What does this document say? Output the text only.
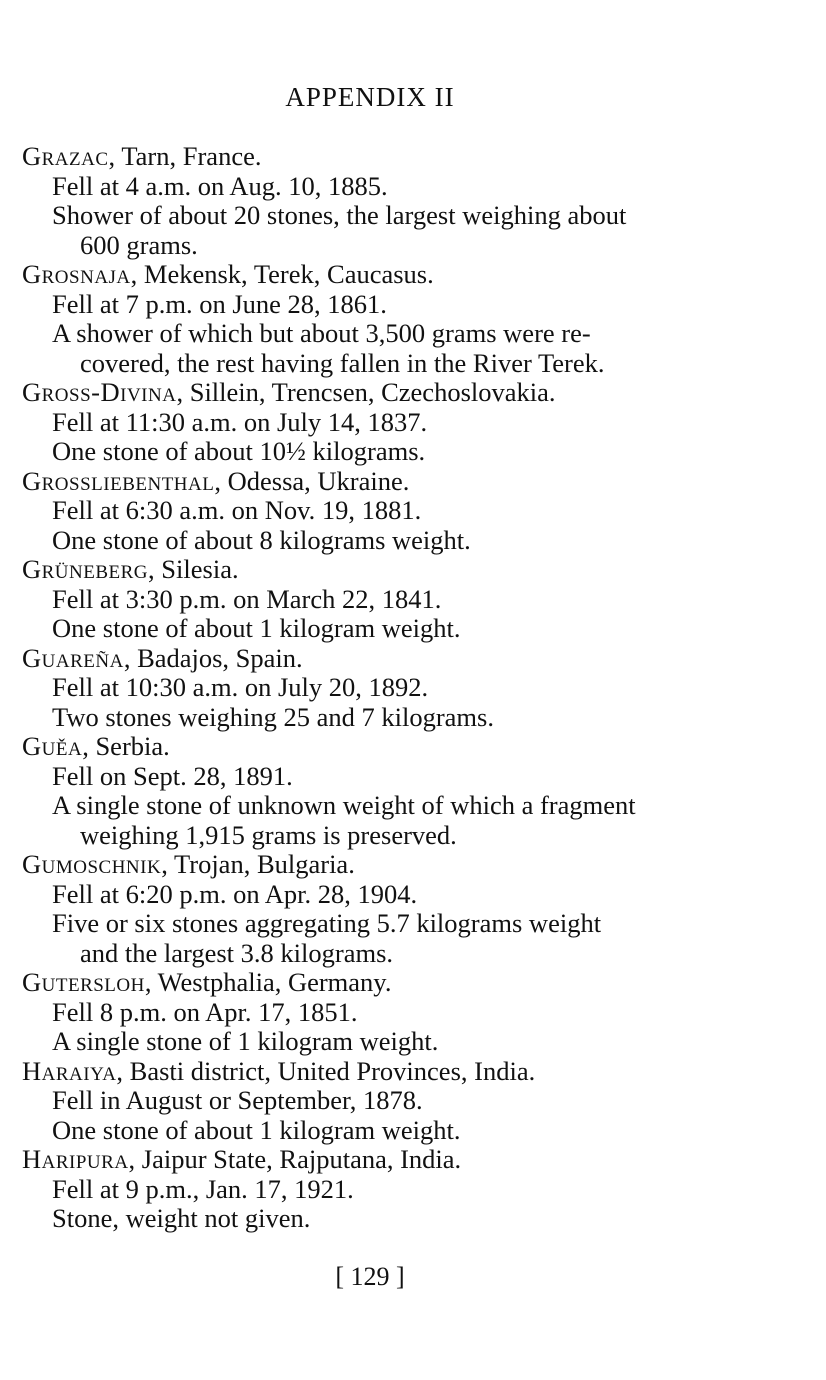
APPENDIX II
Grazac, Tarn, France.
Fell at 4 a.m. on Aug. 10, 1885.
Shower of about 20 stones, the largest weighing about
600 grams.
Grosnaja, Mekensk, Terek, Caucasus.
Fell at 7 p.m. on June 28, 1861.
A shower of which but about 3,500 grams were re-
covered, the rest having fallen in the River Terek.
Gross-Divina, Sillein, Trencsen, Czechoslovakia.
Fell at 11:30 a.m. on July 14, 1837.
One stone of about 10½ kilograms.
Grossliebenthal, Odessa, Ukraine.
Fell at 6:30 a.m. on Nov. 19, 1881.
One stone of about 8 kilograms weight.
Grüneberg, Silesia.
Fell at 3:30 p.m. on March 22, 1841.
One stone of about 1 kilogram weight.
Guareña, Badajos, Spain.
Fell at 10:30 a.m. on July 20, 1892.
Two stones weighing 25 and 7 kilograms.
Guěa, Serbia.
Fell on Sept. 28, 1891.
A single stone of unknown weight of which a fragment
weighing 1,915 grams is preserved.
Gumoschnik, Trojan, Bulgaria.
Fell at 6:20 p.m. on Apr. 28, 1904.
Five or six stones aggregating 5.7 kilograms weight
and the largest 3.8 kilograms.
Gutersloh, Westphalia, Germany.
Fell 8 p.m. on Apr. 17, 1851.
A single stone of 1 kilogram weight.
Haraiya, Basti district, United Provinces, India.
Fell in August or September, 1878.
One stone of about 1 kilogram weight.
Haripura, Jaipur State, Rajputana, India.
Fell at 9 p.m., Jan. 17, 1921.
Stone, weight not given.
[ 129 ]
